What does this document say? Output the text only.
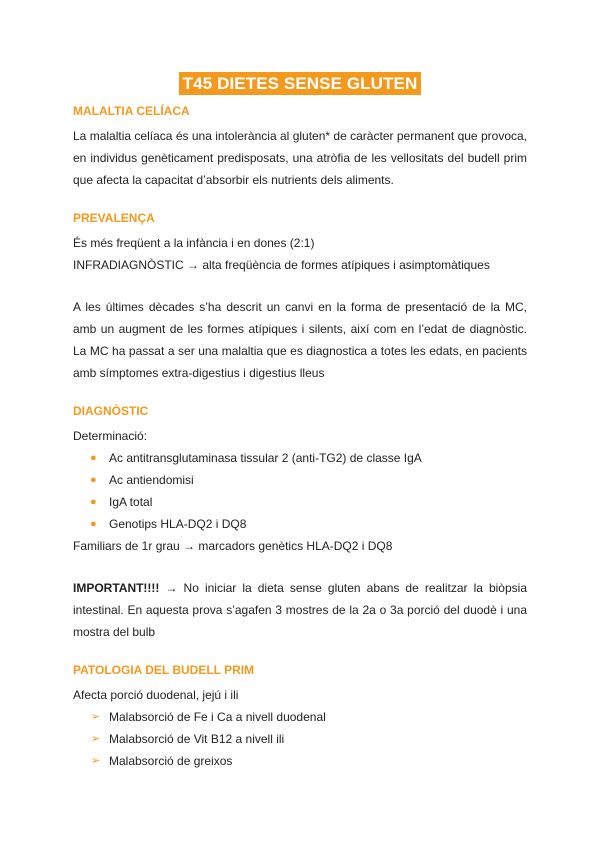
T45 DIETES SENSE GLUTEN
MALALTIA CELÍACA

La malaltia celíaca és una intolerància al gluten* de caràcter permanent que provoca, en individus genèticament predisposats, una atròfia de les vellositats del budell prim que afecta la capacitat d’absorbir els nutrients dels aliments.

PREVALENÇA

És més freqüent a la infància i en dones (2:1)

INFRADIAGNÒSTIC → alta freqüència de formes atípiques i asimptomàtiques

A les últimes dècades s’ha descrit un canvi en la forma de presentació de la MC, amb un augment de les formes atípiques i silents, així com en l’edat de diagnòstic. La MC ha passat a ser una malaltia que es diagnostica a totes les edats, en pacients amb símptomes extra-digestius i digestius lleus

DIAGNÒSTIC

Determinació:

● Ac antitransglutaminasa tissular 2 (anti-TG2) de classe IgA
● Ac antiendomisi
● IgA total
● Genotips HLA-DQ2 i DQ8

Familiars de 1r grau → marcadors genètics HLA-DQ2 i DQ8

IMPORTANT!!!! → No iniciar la dieta sense gluten abans de realitzar la biòpsia intestinal. En aquesta prova s’agafen 3 mostres de la 2a o 3a porció del duodè i una mostra del bulb

PATOLOGIA DEL BUDELL PRIM

Afecta porció duodenal, jejú i ili

➢ Malabsorció de Fe i Ca a nivell duodenal
➢ Malabsorció de Vit B12 a nivell ili
➢ Malabsorció de greixos
